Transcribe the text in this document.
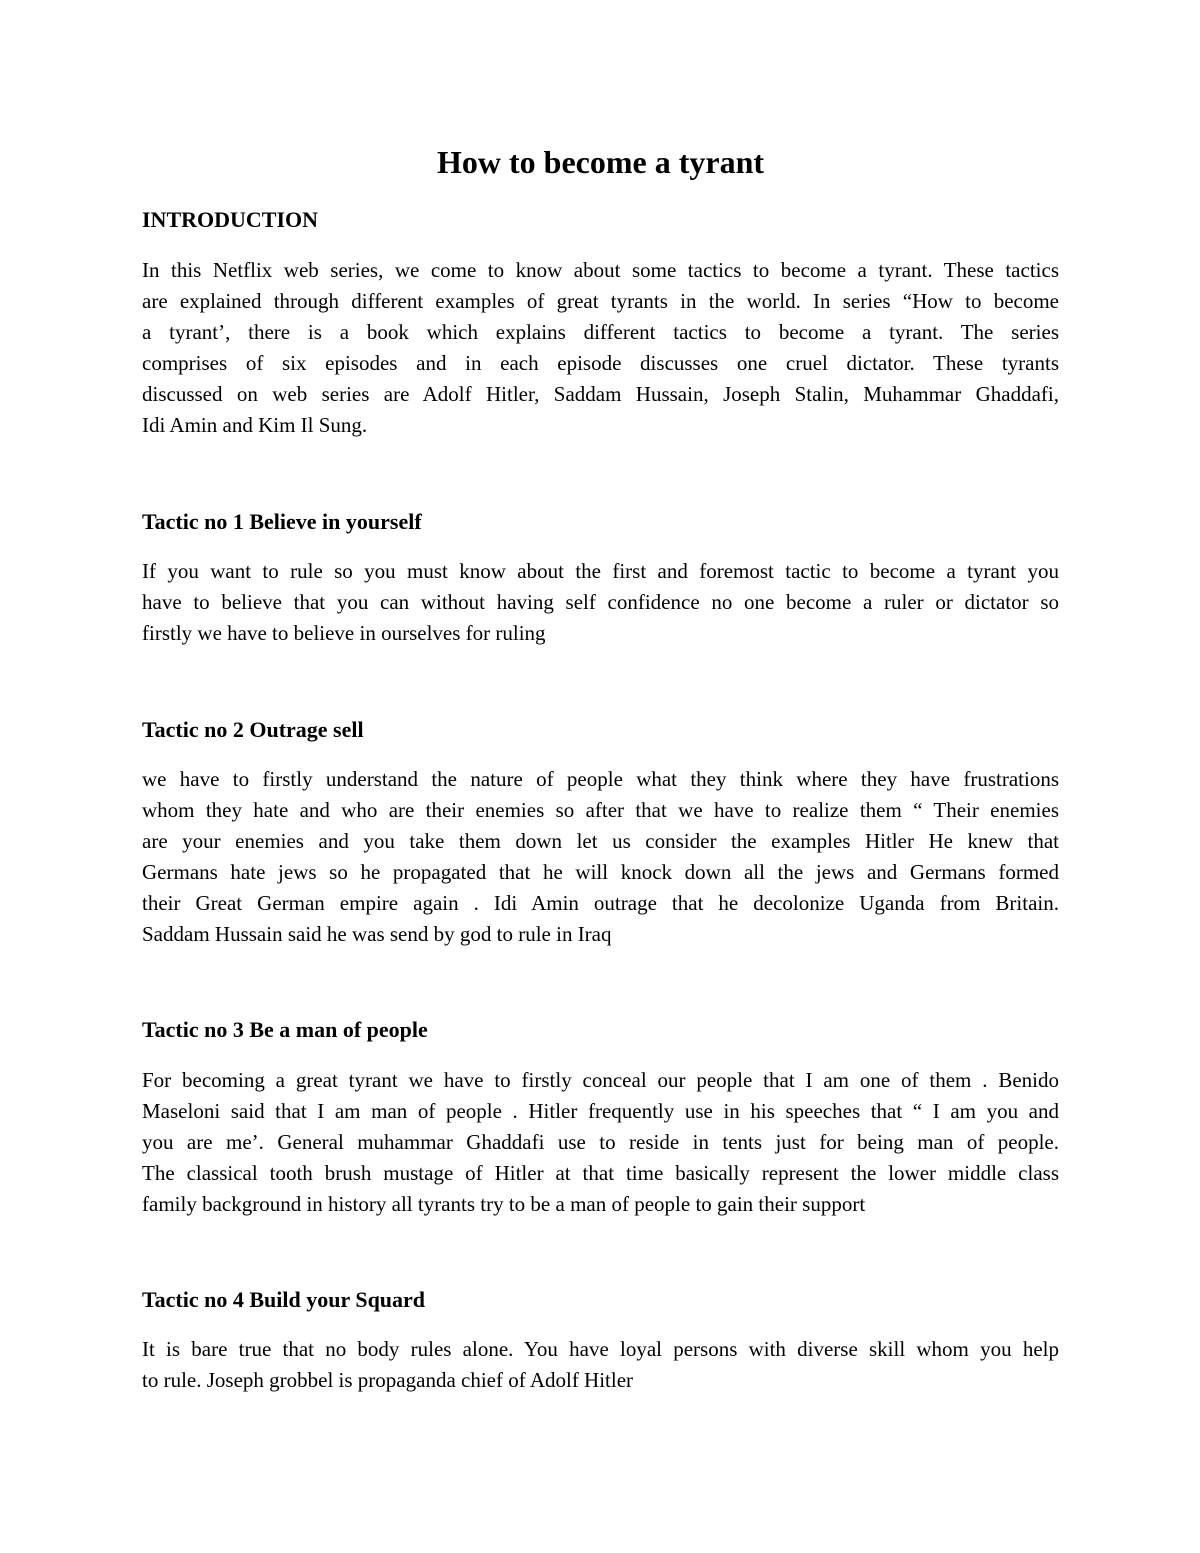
How to become a tyrant
INTRODUCTION
In this Netflix web series, we come to know about some tactics to become a tyrant. These tactics
are explained through different examples of great tyrants in the world. In series “How to become
a tyrant’, there is a book which explains different tactics to become a tyrant. The series
comprises of six episodes and in each episode discusses one cruel dictator. These tyrants
discussed on web series are Adolf Hitler, Saddam Hussain, Joseph Stalin, Muhammar Ghaddafi,
Idi Amin and Kim Il Sung.
Tactic no 1 Believe in yourself
If you want to rule so you must know about the first and foremost tactic to become a tyrant you
have to believe that you can without having self confidence no one become a ruler or dictator so
firstly we have to believe in ourselves for ruling
Tactic no 2 Outrage sell
we have to firstly understand the nature of people what they think where they have frustrations
whom they hate and who are their enemies so after that we have to realize them “ Their enemies
are your enemies and you take them down let us consider the examples Hitler He knew that
Germans hate jews so he propagated that he will knock down all the jews and Germans formed
their Great German empire again . Idi Amin outrage that he decolonize Uganda from Britain.
Saddam Hussain said he was send by god to rule in Iraq
Tactic no 3 Be a man of people
For becoming a great tyrant we have to firstly conceal our people that I am one of them . Benido
Maseloni said that I am man of people . Hitler frequently use in his speeches that “ I am you and
you are me’. General muhammar Ghaddafi use to reside in tents just for being man of people.
The classical tooth brush mustage of Hitler at that time basically represent the lower middle class
family background in history all tyrants try to be a man of people to gain their support
Tactic no 4 Build your Squard
It is bare true that no body rules alone. You have loyal persons with diverse skill whom you help
to rule. Joseph grobbel is propaganda chief of Adolf Hitler
